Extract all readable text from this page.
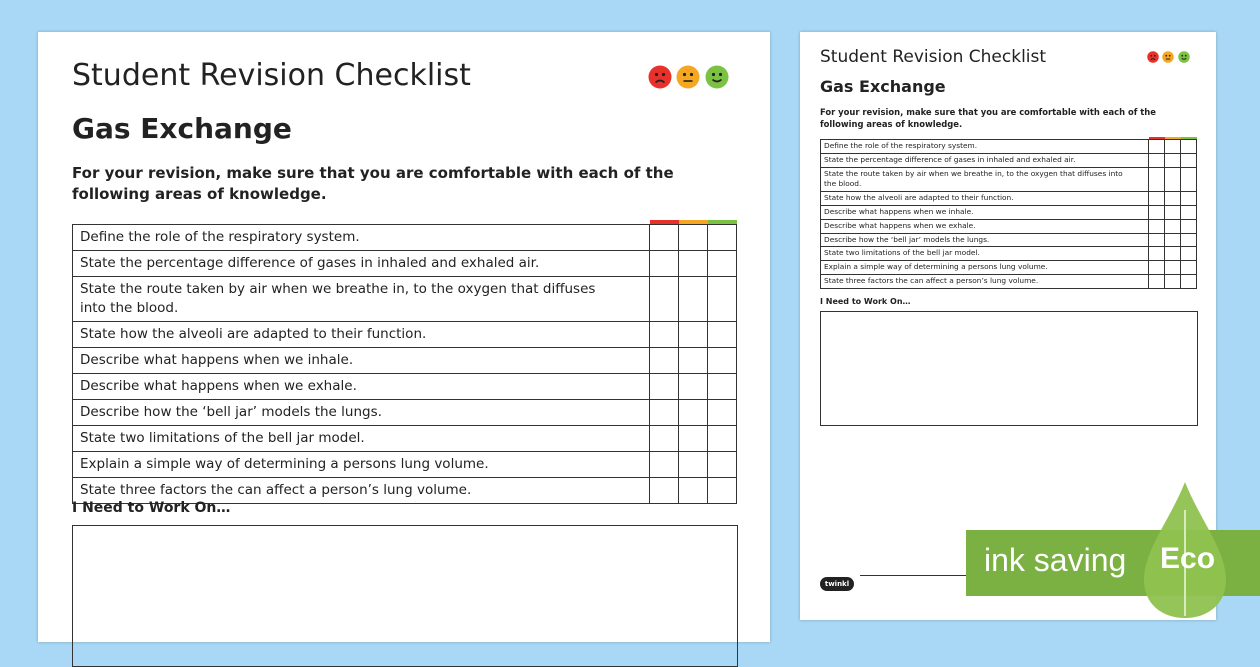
Student Revision Checklist
Gas Exchange
For your revision, make sure that you are comfortable with each of the following areas of knowledge.
Define the role of the respiratory system.			
State the percentage difference of gases in inhaled and exhaled air.			

State the route taken by air when we breathe in, to the oxygen that diffuses into the blood.			

State how the alveoli are adapted to their function.			
Describe what happens when we inhale.			
Describe what happens when we exhale.			
Describe how the ‘bell jar’ models the lungs.			
State two limitations of the bell jar model.			
Explain a simple way of determining a persons lung volume.			
State three factors the can affect a person’s lung volume.			
I Need to Work On…
Student Revision Checklist
Gas Exchange
For your revision, make sure that you are comfortable with each of the following areas of knowledge.
Define the role of the respiratory system.			
State the percentage difference of gases in inhaled and exhaled air.			

State the route taken by air when we breathe in, to the oxygen that diffuses into the blood.			

State how the alveoli are adapted to their function.			
Describe what happens when we inhale.			
Describe what happens when we exhale.			
Describe how the ‘bell jar’ models the lungs.			
State two limitations of the bell jar model.			
Explain a simple way of determining a persons lung volume.			
State three factors the can affect a person’s lung volume.			
I Need to Work On…
twinkl
ink saving Eco
